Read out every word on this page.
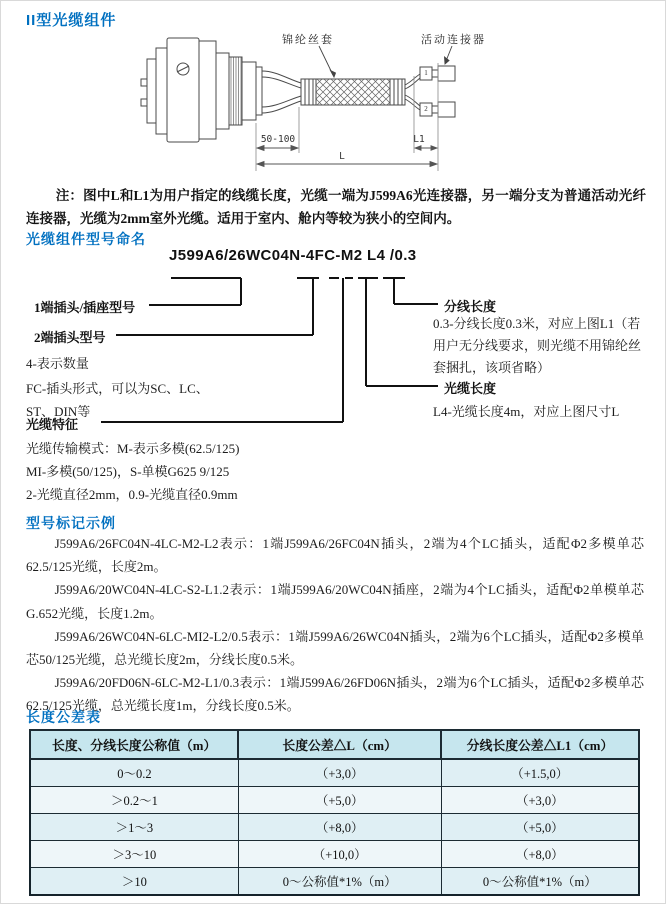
II型光缆组件
锦纶丝套	活动连接器
50-100	L1
L
1
2
注：图中L和L1为用户指定的线缆长度，光缆一端为J599A6光连接器，另一端分支为普通活动光纤连接器，光缆为2mm室外光缆。适用于室内、舱内等较为狭小的空间内。
光缆组件型号命名
J599A6/26WC04N-4FC-M2 L4 /0.3
1端插头/插座型号
2端插头型号
4-表示数量
FC-插头形式，可以为SC、LC、
ST、DIN等
光缆特征
光缆传输模式：M-表示多模(62.5/125)
MI-多模(50/125)，S-单模G625 9/125
2-光缆直径2mm，0.9-光缆直径0.9mm
分线长度
0.3-分线长度0.3米，对应上图L1（若
用户无分线要求，则光缆不用锦纶丝
套捆扎，该项省略）
光缆长度
L4-光缆长度4m，对应上图尺寸L
型号标记示例

J599A6/26FC04N-4LC-M2-L2表示：1端J599A6/26FC04N插头，2端为4个LC插头，适配Φ2多模单芯62.5/125光缆，长度2m。

J599A6/20WC04N-4LC-S2-L1.2表示：1端J599A6/20WC04N插座，2端为4个LC插头，适配Φ2单模单芯G.652光缆，长度1.2m。

J599A6/26WC04N-6LC-MI2-L2/0.5表示：1端J599A6/26WC04N插头，2端为6个LC插头，适配Φ2多模单芯50/125光缆，总光缆长度2m，分线长度0.5米。

J599A6/20FD06N-6LC-M2-L1/0.3表示：1端J599A6/26FD06N插头，2端为6个LC插头，适配Φ2多模单芯62.5/125光缆，总光缆长度1m，分线长度0.5米。

长度公差表
长度、分线长度公称值（m）	长度公差△L（cm）	分线长度公差△L1（cm）
0～0.2	（+3,0）	（+1.5,0）
＞0.2～1	（+5,0）	（+3,0）
＞1～3	（+8,0）	（+5,0）
＞3～10	（+10,0）	（+8,0）
＞10	0～公称值*1%（m）	0～公称值*1%（m）
